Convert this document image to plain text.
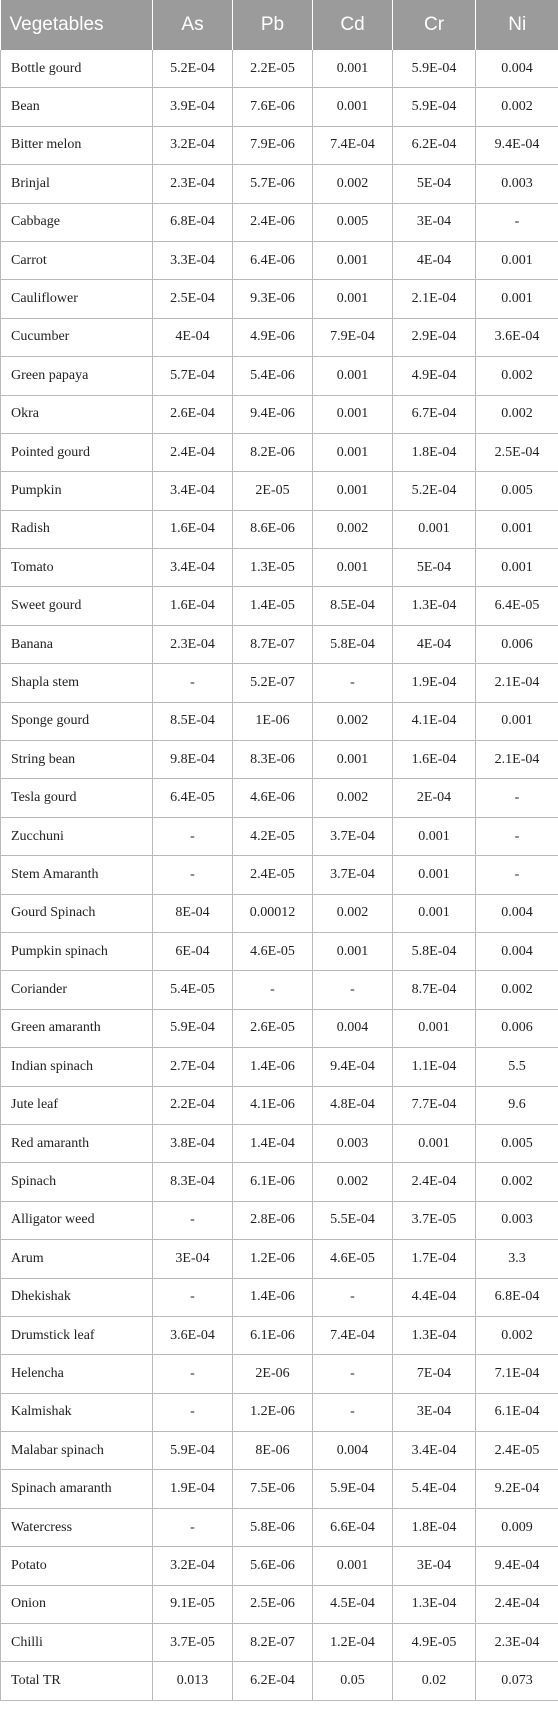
Vegetables	As	Pb	Cd	Cr	Ni
Bottle gourd	5.2E-04	2.2E-05	0.001	5.9E-04	0.004
Bean	3.9E-04	7.6E-06	0.001	5.9E-04	0.002
Bitter melon	3.2E-04	7.9E-06	7.4E-04	6.2E-04	9.4E-04
Brinjal	2.3E-04	5.7E-06	0.002	5E-04	0.003
Cabbage	6.8E-04	2.4E-06	0.005	3E-04	-
Carrot	3.3E-04	6.4E-06	0.001	4E-04	0.001
Cauliflower	2.5E-04	9.3E-06	0.001	2.1E-04	0.001
Cucumber	4E-04	4.9E-06	7.9E-04	2.9E-04	3.6E-04
Green papaya	5.7E-04	5.4E-06	0.001	4.9E-04	0.002
Okra	2.6E-04	9.4E-06	0.001	6.7E-04	0.002
Pointed gourd	2.4E-04	8.2E-06	0.001	1.8E-04	2.5E-04
Pumpkin	3.4E-04	2E-05	0.001	5.2E-04	0.005
Radish	1.6E-04	8.6E-06	0.002	0.001	0.001
Tomato	3.4E-04	1.3E-05	0.001	5E-04	0.001
Sweet gourd	1.6E-04	1.4E-05	8.5E-04	1.3E-04	6.4E-05
Banana	2.3E-04	8.7E-07	5.8E-04	4E-04	0.006
Shapla stem	-	5.2E-07	-	1.9E-04	2.1E-04
Sponge gourd	8.5E-04	1E-06	0.002	4.1E-04	0.001
String bean	9.8E-04	8.3E-06	0.001	1.6E-04	2.1E-04
Tesla gourd	6.4E-05	4.6E-06	0.002	2E-04	-
Zucchuni	-	4.2E-05	3.7E-04	0.001	-
Stem Amaranth	-	2.4E-05	3.7E-04	0.001	-
Gourd Spinach	8E-04	0.00012	0.002	0.001	0.004
Pumpkin spinach	6E-04	4.6E-05	0.001	5.8E-04	0.004
Coriander	5.4E-05	-	-	8.7E-04	0.002
Green amaranth	5.9E-04	2.6E-05	0.004	0.001	0.006
Indian spinach	2.7E-04	1.4E-06	9.4E-04	1.1E-04	5.5
Jute leaf	2.2E-04	4.1E-06	4.8E-04	7.7E-04	9.6
Red amaranth	3.8E-04	1.4E-04	0.003	0.001	0.005
Spinach	8.3E-04	6.1E-06	0.002	2.4E-04	0.002
Alligator weed	-	2.8E-06	5.5E-04	3.7E-05	0.003
Arum	3E-04	1.2E-06	4.6E-05	1.7E-04	3.3
Dhekishak	-	1.4E-06	-	4.4E-04	6.8E-04
Drumstick leaf	3.6E-04	6.1E-06	7.4E-04	1.3E-04	0.002
Helencha	-	2E-06	-	7E-04	7.1E-04
Kalmishak	-	1.2E-06	-	3E-04	6.1E-04
Malabar spinach	5.9E-04	8E-06	0.004	3.4E-04	2.4E-05
Spinach amaranth	1.9E-04	7.5E-06	5.9E-04	5.4E-04	9.2E-04
Watercress	-	5.8E-06	6.6E-04	1.8E-04	0.009
Potato	3.2E-04	5.6E-06	0.001	3E-04	9.4E-04
Onion	9.1E-05	2.5E-06	4.5E-04	1.3E-04	2.4E-04
Chilli	3.7E-05	8.2E-07	1.2E-04	4.9E-05	2.3E-04
Total TR	0.013	6.2E-04	0.05	0.02	0.073
